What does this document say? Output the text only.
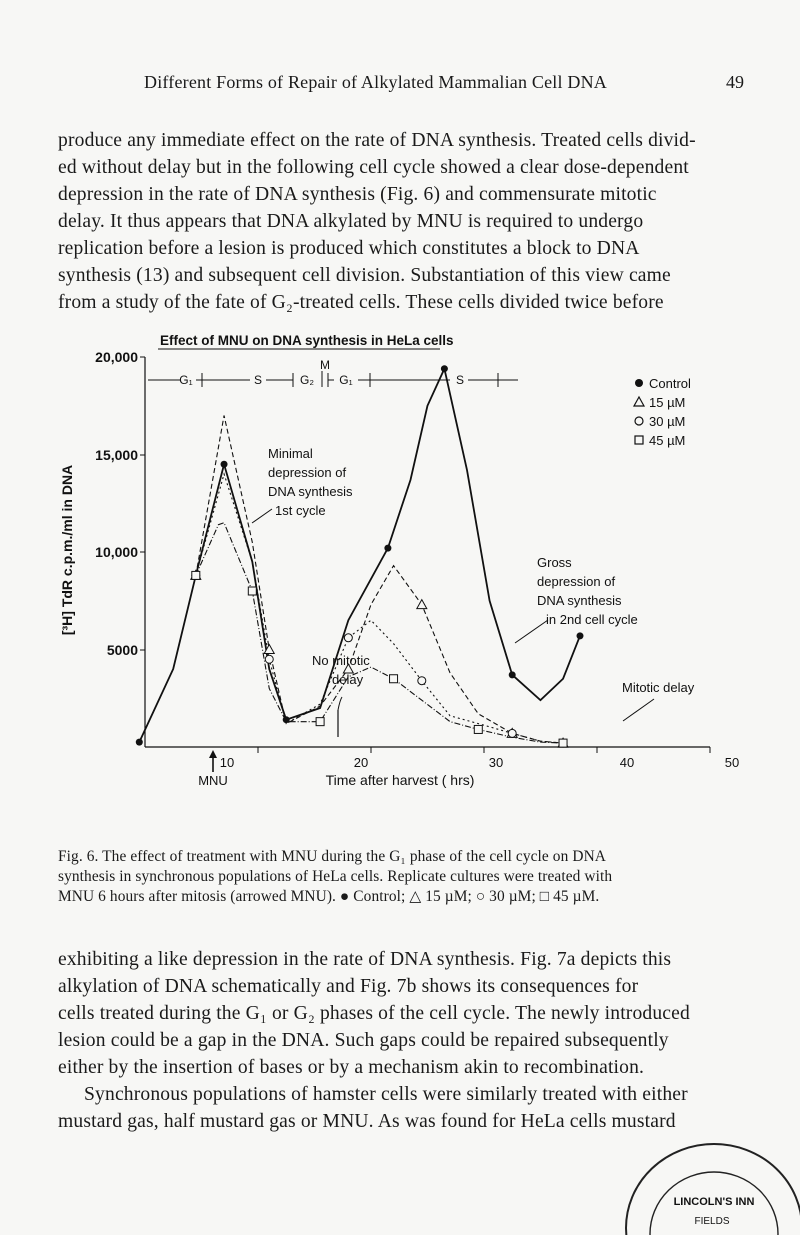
Different Forms of Repair of Alkylated Mammalian Cell DNA	49

produce any immediate effect on the rate of DNA synthesis. Treated cells divid-

ed without delay but in the following cell cycle showed a clear dose-dependent

depression in the rate of DNA synthesis (Fig. 6) and commensurate mitotic

delay. It thus appears that DNA alkylated by MNU is required to undergo

replication before a lesion is produced which constitutes a block to DNA

synthesis (13) and subsequent cell division. Substantiation of this view came

from a study of the fate of G₂-treated cells. These cells divided twice before

Effect of MNU on DNA synthesis in HeLa cells
20,000
15,000
10,000
5000
[³H] TdR c.p.m./ml in DNA
10	20	30	40	50
Time after harvest ( hrs)
MNU
G₁	S	G₂
M
G₁	S
Minimal
depression of
DNA synthesis
1st cycle
No mitotic
delay
Gross
depression of
DNA synthesis
in 2nd cell cycle
Mitotic delay
Control
15 µM
30 µM
45 µM
Fig. 6. The effect of treatment with MNU during the G₁ phase of the cell cycle on DNA
synthesis in synchronous populations of HeLa cells. Replicate cultures were treated with
MNU 6 hours after mitosis (arrowed MNU). ● Control; △ 15 µM; ○ 30 µM; □ 45 µM.

exhibiting a like depression in the rate of DNA synthesis. Fig. 7a depicts this

alkylation of DNA schematically and Fig. 7b shows its consequences for

cells treated during the G₁ or G₂ phases of the cell cycle. The newly introduced

lesion could be a gap in the DNA. Such gaps could be repaired subsequently

either by the insertion of bases or by a mechanism akin to recombination.

Synchronous populations of hamster cells were similarly treated with either

mustard gas, half mustard gas or MNU. As was found for HeLa cells mustard

LINCOLN'S INN
FIELDS
